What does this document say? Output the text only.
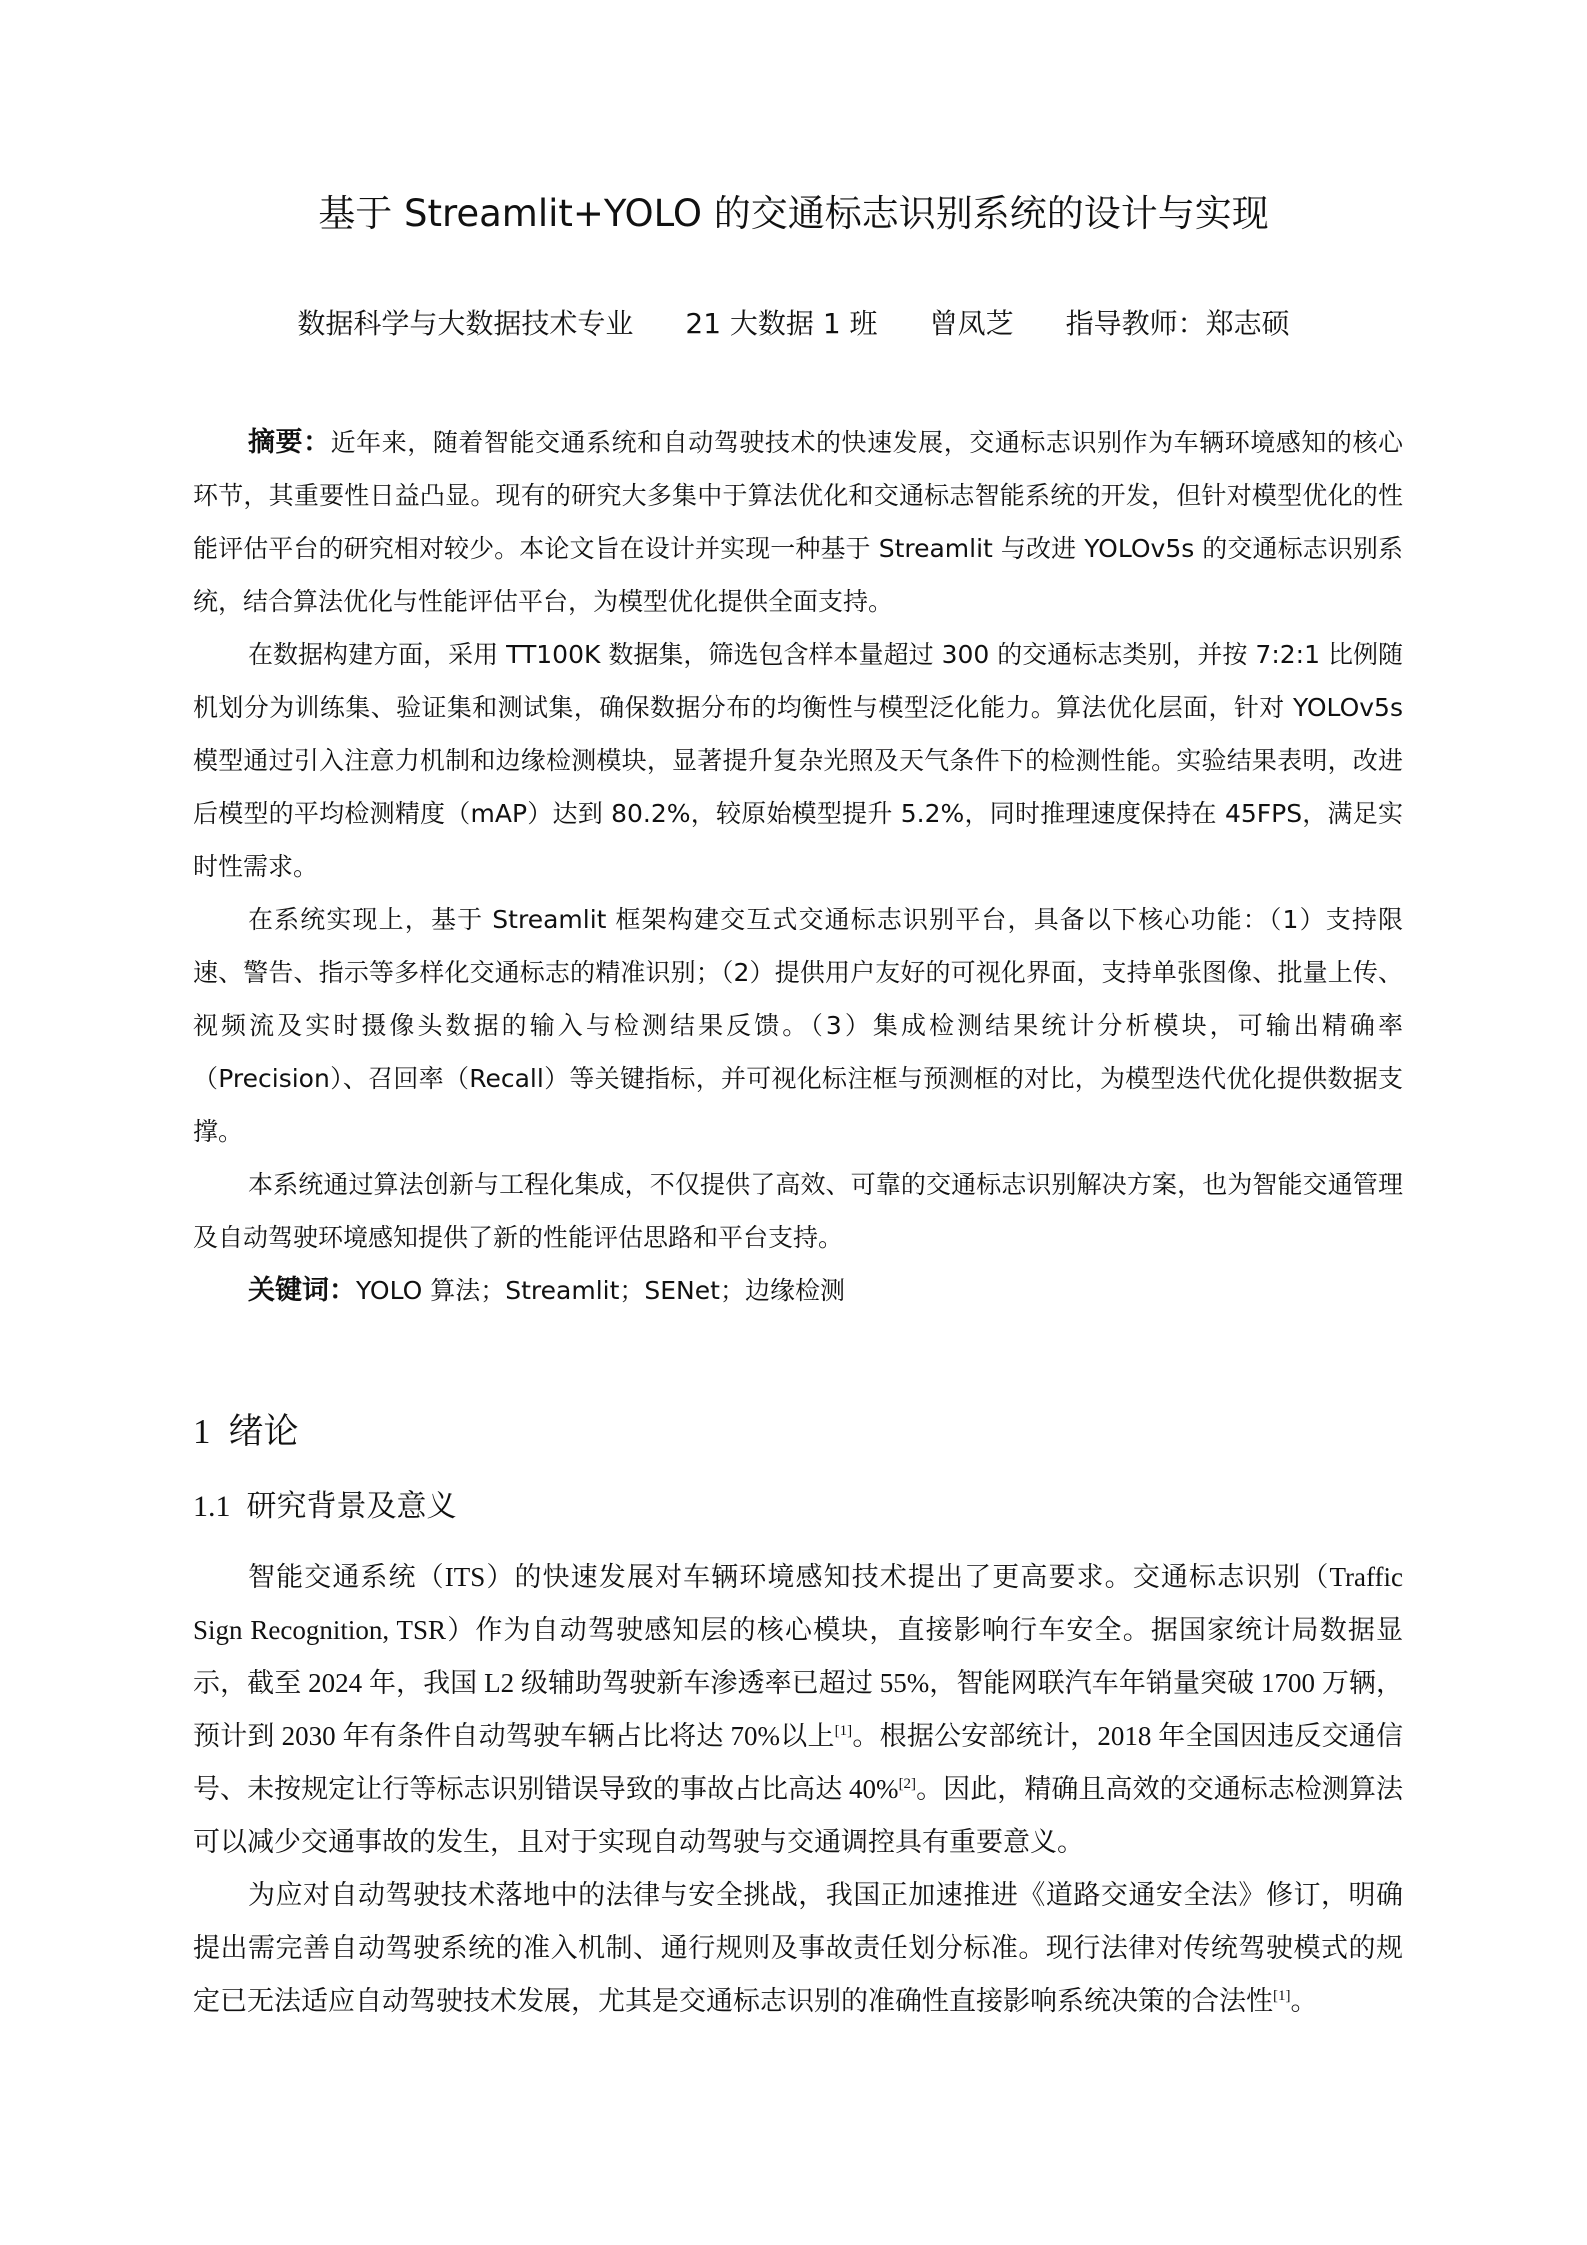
基于 Streamlit+YOLO 的交通标志识别系统的设计与实现
数据科学与大数据技术专业 21 大数据 1 班 曾凤芝 指导教师：郑志硕

摘要：近年来，随着智能交通系统和自动驾驶技术的快速发展，交通标志识别作为车辆环境感知的核心环节，其重要性日益凸显。现有的研究大多集中于算法优化和交通标志智能系统的开发，但针对模型优化的性能评估平台的研究相对较少。本论文旨在设计并实现一种基于 Streamlit 与改进 YOLOv5s 的交通标志识别系统，结合算法优化与性能评估平台，为模型优化提供全面支持。

在数据构建方面，采用 TT100K 数据集，筛选包含样本量超过 300 的交通标志类别，并按 7:2:1 比例随机划分为训练集、验证集和测试集，确保数据分布的均衡性与模型泛化能力。算法优化层面，针对 YOLOv5s 模型通过引入注意力机制和边缘检测模块，显著提升复杂光照及天气条件下的检测性能。实验结果表明，改进后模型的平均检测精度（mAP）达到 80.2%，较原始模型提升 5.2%，同时推理速度保持在 45FPS，满足实时性需求。

在系统实现上，基于 Streamlit 框架构建交互式交通标志识别平台，具备以下核心功能：（1）支持限速、警告、指示等多样化交通标志的精准识别；（2）提供用户友好的可视化界面，支持单张图像、批量上传、视频流及实时摄像头数据的输入与检测结果反馈。（3）集成检测结果统计分析模块，可输出精确率（Precision）、召回率（Recall）等关键指标，并可视化标注框与预测框的对比，为模型迭代优化提供数据支撑。

本系统通过算法创新与工程化集成，不仅提供了高效、可靠的交通标志识别解决方案，也为智能交通管理及自动驾驶环境感知提供了新的性能评估思路和平台支持。

关键词：YOLO 算法；Streamlit；SENet；边缘检测

1 绪论
1.1 研究背景及意义

智能交通系统（ITS）的快速发展对车辆环境感知技术提出了更高要求。交通标志识别（Traffic Sign Recognition, TSR）作为自动驾驶感知层的核心模块，直接影响行车安全。据国家统计局数据显示，截至 2024 年，我国 L2 级辅助驾驶新车渗透率已超过 55%，智能网联汽车年销量突破 1700 万辆，预计到 2030 年有条件自动驾驶车辆占比将达 70%以上[1]。根据公安部统计，2018 年全国因违反交通信号、未按规定让行等标志识别错误导致的事故占比高达 40%[2]。因此，精确且高效的交通标志检测算法可以减少交通事故的发生，且对于实现自动驾驶与交通调控具有重要意义。

为应对自动驾驶技术落地中的法律与安全挑战，我国正加速推进《道路交通安全法》修订，明确提出需完善自动驾驶系统的准入机制、通行规则及事故责任划分标准。现行法律对传统驾驶模式的规定已无法适应自动驾驶技术发展，尤其是交通标志识别的准确性直接影响系统决策的合法性[1]。
